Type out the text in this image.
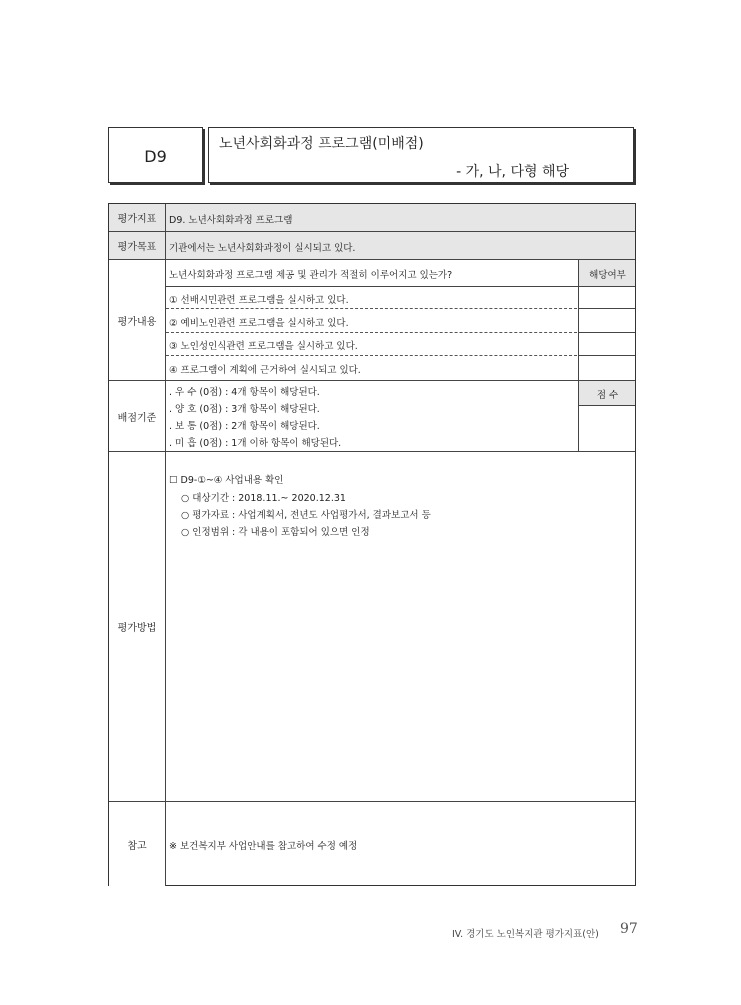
D9
노년사회화과정 프로그램(미배점)
- 가, 나, 다형 해당
평가지표
평가목표
평가내용
배점기준
평가방법
참고
D9. 노년사회화과정 프로그램
기관에서는 노년사회화과정이 실시되고 있다.
노년사회화과정 프로그램 제공 및 관리가 적절히 이루어지고 있는가?	해당여부
① 선배시민관련 프로그램을 실시하고 있다.
② 예비노인관련 프로그램을 실시하고 있다.
③ 노인성인식관련 프로그램을 실시하고 있다.
④ 프로그램이 계획에 근거하여 실시되고 있다.
점 수
. 우 수 (0점) : 4개 항목이 해당된다.
. 양 호 (0점) : 3개 항목이 해당된다.
. 보 통 (0점) : 2개 항목이 해당된다.
. 미 흡 (0점) : 1개 이하 항목이 해당된다.
☐ D9-①~④ 사업내용 확인
○ 대상기간 : 2018.11.~ 2020.12.31
○ 평가자료 : 사업계획서, 전년도 사업평가서, 결과보고서 등
○ 인정범위 : 각 내용이 포함되어 있으면 인정
※ 보건복지부 사업안내를 참고하여 수정 예정
IV. 경기도 노인복지관 평가지표(안) 97
